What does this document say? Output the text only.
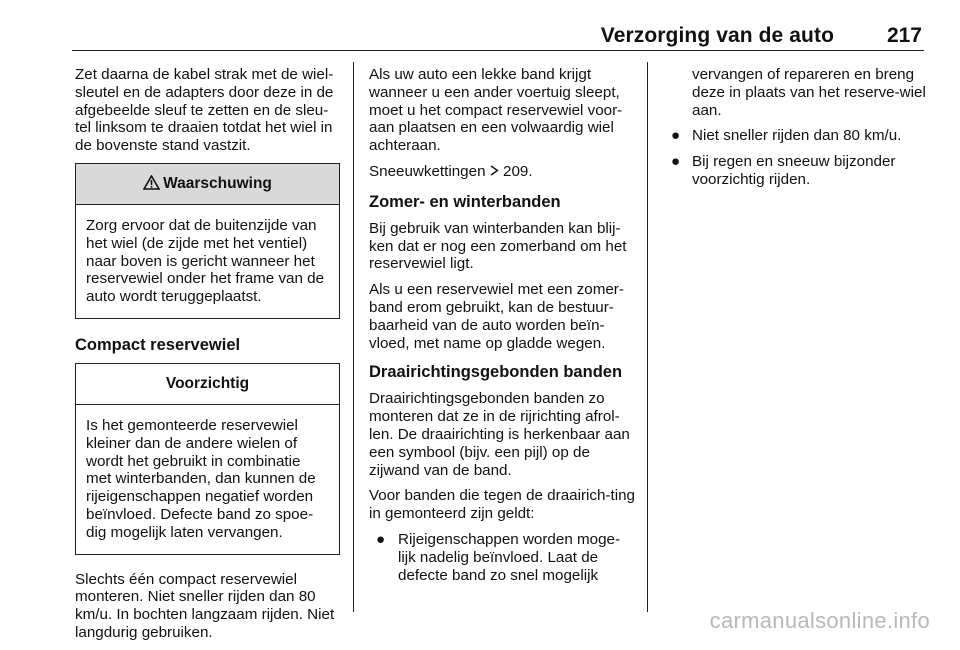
Verzorging van de auto	217

Zet daarna de kabel strak met de wiel-sleutel en de adapters door deze in de afgebeelde sleuf te zetten en de sleu-tel linksom te draaien totdat het wiel in de bovenste stand vastzit.

Waarschuwing
Zorg ervoor dat de buitenzijde van het wiel (de zijde met het ventiel) naar boven is gericht wanneer het reservewiel onder het frame van de auto wordt teruggeplaatst.
Compact reservewiel
Voorzichtig
Is het gemonteerde reservewiel kleiner dan de andere wielen of wordt het gebruikt in combinatie met winterbanden, dan kunnen de rijeigenschappen negatief worden beïnvloed. Defecte band zo spoe-dig mogelijk laten vervangen.

Slechts één compact reservewiel monteren. Niet sneller rijden dan 80 km/u. In bochten langzaam rijden. Niet langdurig gebruiken.

Als uw auto een lekke band krijgt wanneer u een ander voertuig sleept, moet u het compact reservewiel voor-aan plaatsen en een volwaardig wiel achteraan.

Sneeuwkettingen 209.

Zomer- en winterbanden

Bij gebruik van winterbanden kan blij-ken dat er nog een zomerband om het reservewiel ligt.

Als u een reservewiel met een zomer-band erom gebruikt, kan de bestuur-baarheid van de auto worden beïn-vloed, met name op gladde wegen.

Draairichtingsgebonden banden

Draairichtingsgebonden banden zo monteren dat ze in de rijrichting afrol-len. De draairichting is herkenbaar aan een symbool (bijv. een pijl) op de zijwand van de band.

Voor banden die tegen de draairich-ting in gemonteerd zijn geldt:

● Rijeigenschappen worden moge-lijk nadelig beïnvloed. Laat de defecte band zo snel mogelijk

vervangen of repareren en breng deze in plaats van het reserve-wiel aan.

● Niet sneller rijden dan 80 km/u.
● Bij regen en sneeuw bijzonder voorzichtig rijden.
carmanualsonline.info
